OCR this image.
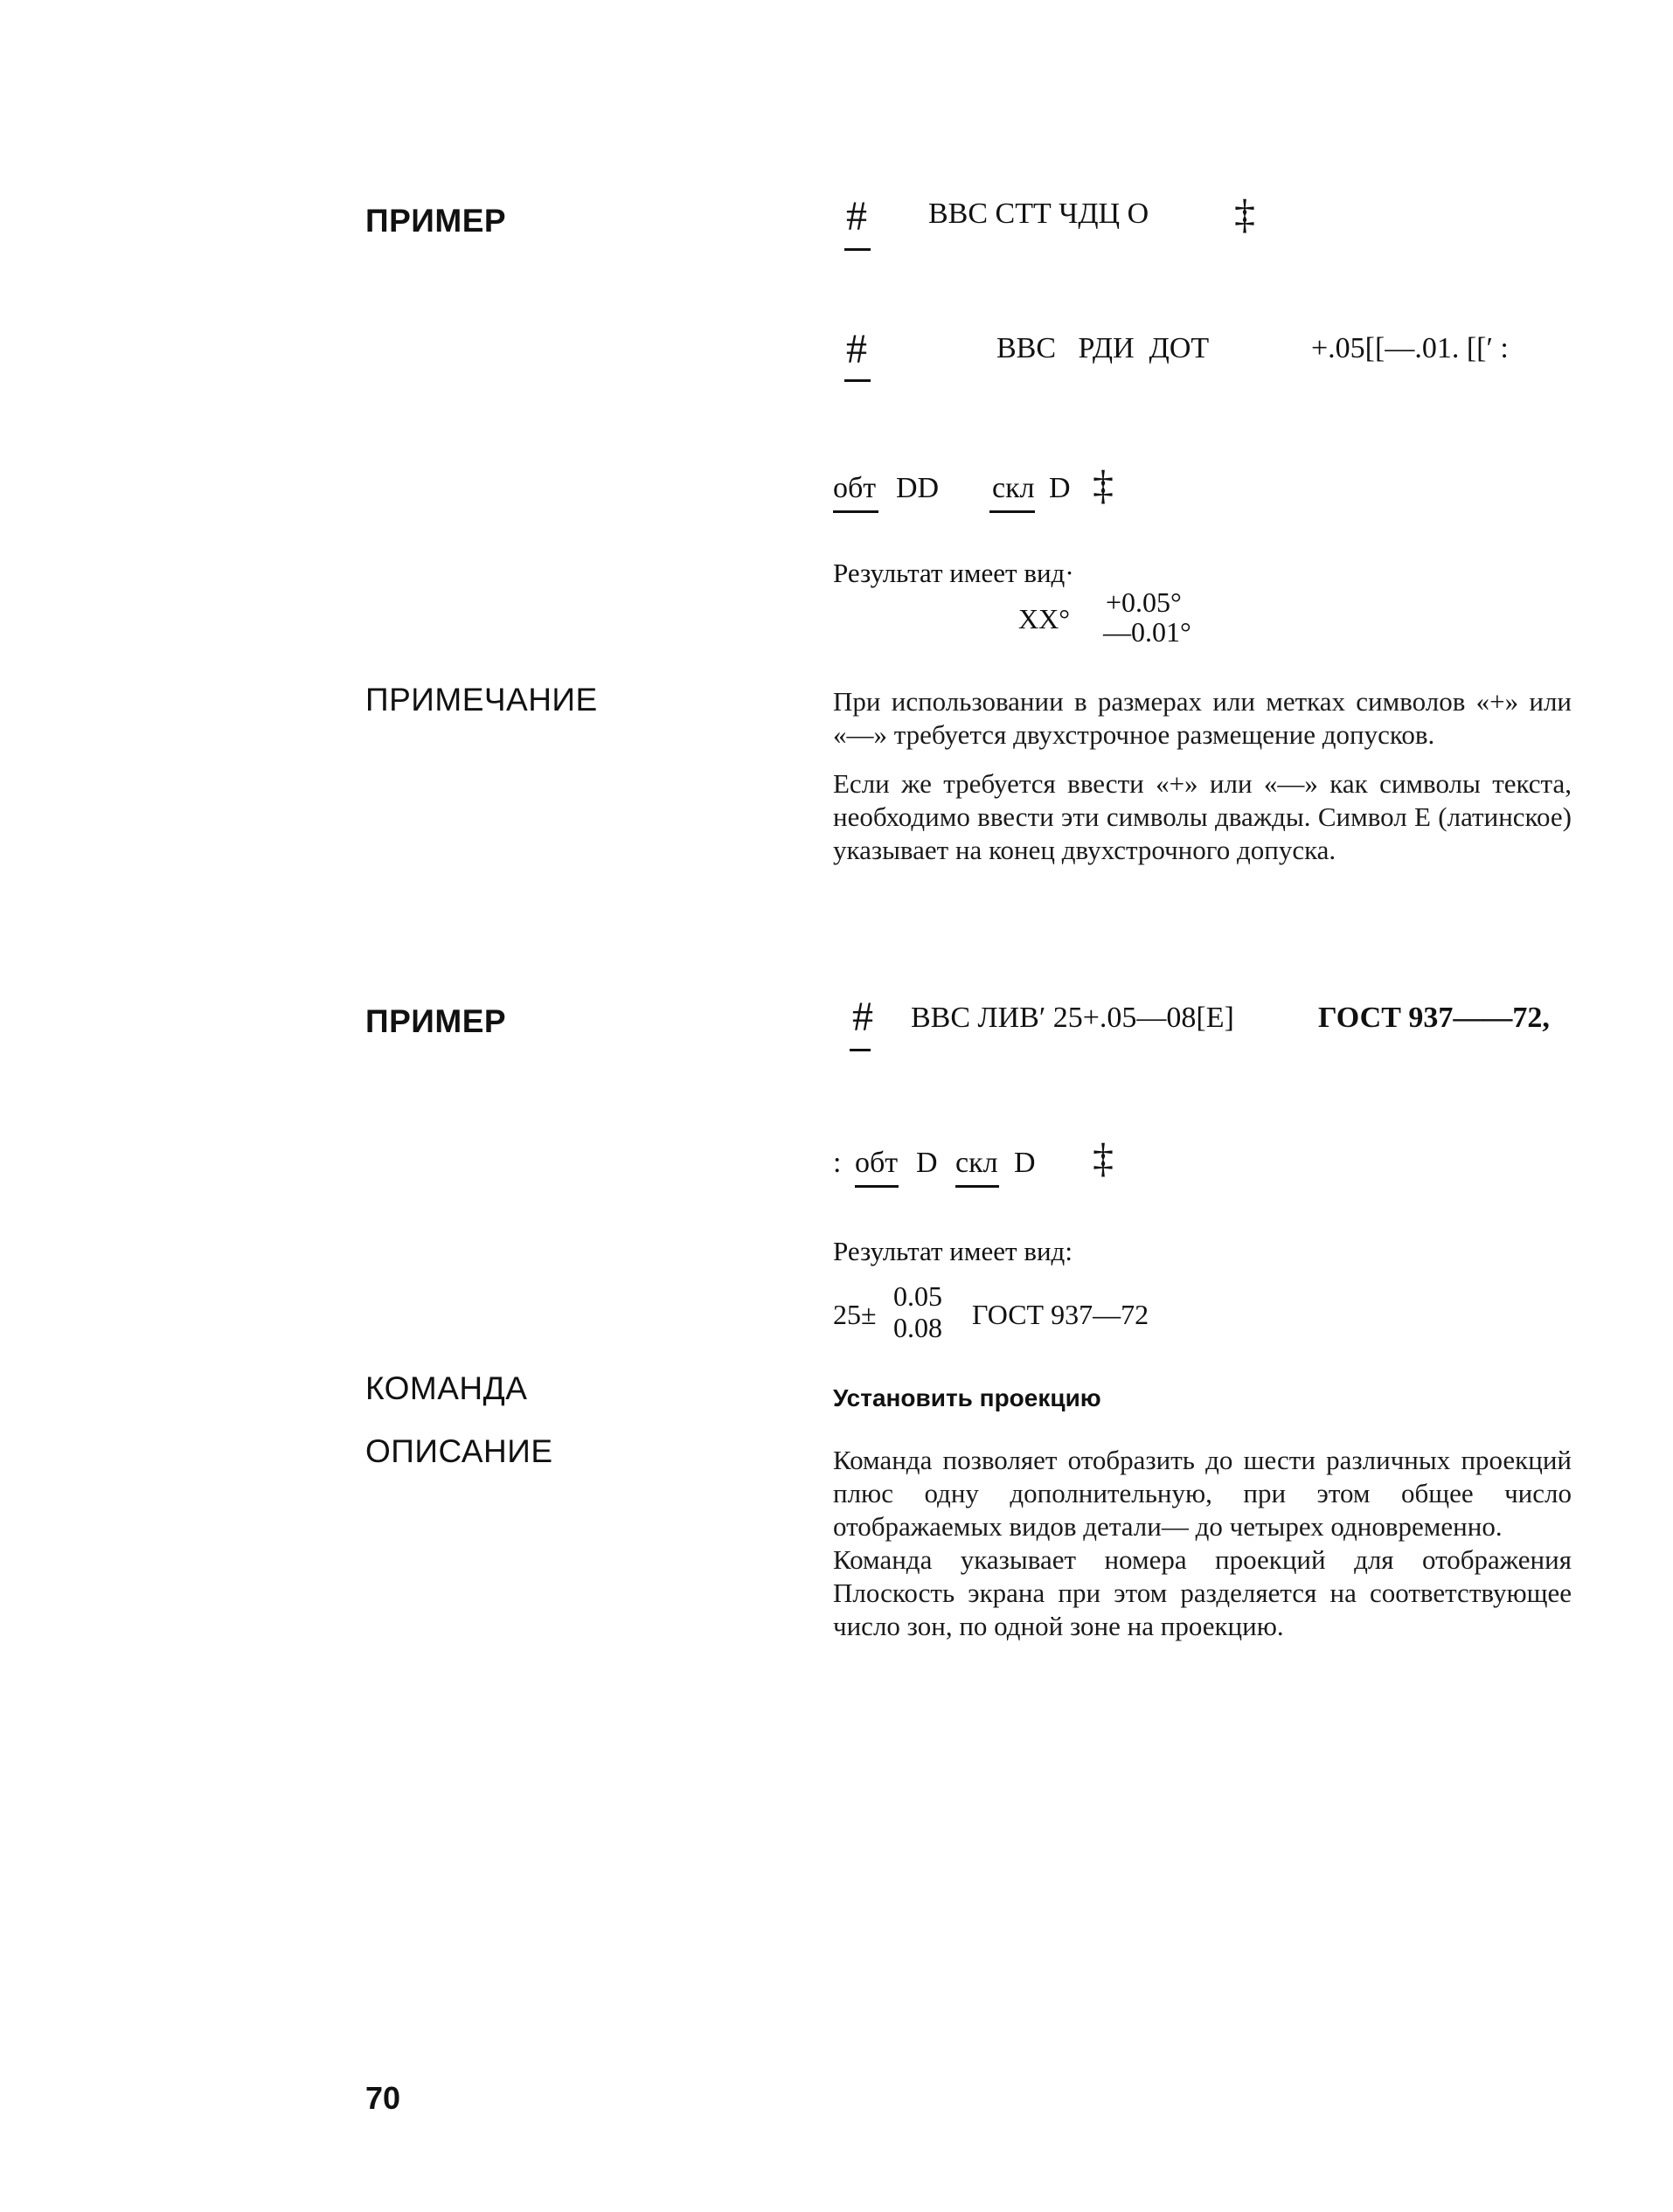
ПРИМЕР
ПРИМЕЧАНИЕ
ПРИМЕР
КОМАНДА
ОПИСАНИЕ
# ВВС СТТ ЧДЦ О ‡
#	ВВС   РДИ  ДОТ	+.05[[—.01. [[′ :
обт DD скл D ‡
Результат имеет вид·
XX°
+0.05°
—0.01°

При использовании в размерах или метках символов «+» или «—» требуется двухстрочное размещение допусков.

Если же требуется ввести «+» или «—» как символы текста, необходимо ввести эти символы дважды. Символ E (латинское) указывает на конец двухстрочного допуска.

# ВВС ЛИВ′ 25+.05—08[E]	ГОСТ 937——72,
: обт D скл D ‡
Результат имеет вид:
25±
0.05
0.08 ГОСТ 937—72
Установить проекцию

Команда позволяет отобразить до шести различных проекций плюс одну дополнительную, при этом общее число отображаемых видов детали— до четырех одновременно.

Команда указывает номера проекций для отображения Плоскость экрана при этом разделяется на соответствующее число зон, по одной зоне на проекцию.

70
